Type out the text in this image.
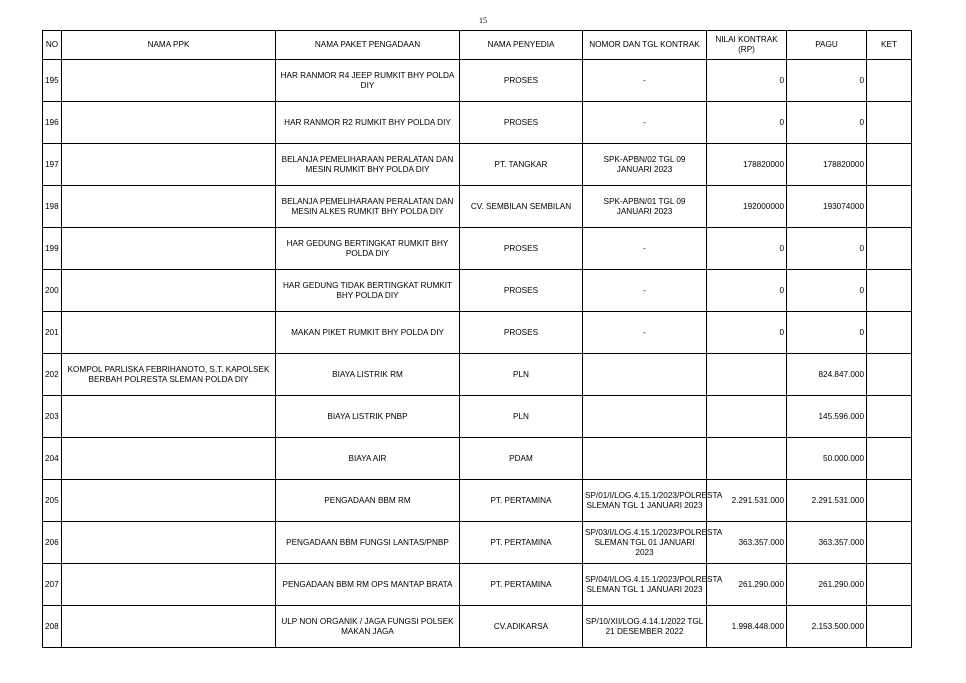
15
NO	NAMA PPK	NAMA PAKET PENGADAAN	NAMA PENYEDIA	NOMOR DAN TGL KONTRAK	NILAI KONTRAK (RP)	PAGU	KET
195		HAR RANMOR R4 JEEP RUMKIT BHY POLDA DIY	PROSES	-	0	0	
196		HAR RANMOR R2 RUMKIT BHY POLDA DIY	PROSES	-	0	0	
197		BELANJA PEMELIHARAAN PERALATAN DAN MESIN RUMKIT BHY POLDA DIY	PT. TANGKAR	SPK-APBN/02 TGL 09 JANUARI 2023	178820000	178820000	
198		BELANJA PEMELIHARAAN PERALATAN DAN MESIN ALKES RUMKIT BHY POLDA DIY	CV. SEMBILAN SEMBILAN	SPK-APBN/01 TGL 09 JANUARI 2023	192000000	193074000	
199		HAR GEDUNG BERTINGKAT RUMKIT BHY POLDA DIY	PROSES	-	0	0	
200		HAR GEDUNG TIDAK BERTINGKAT RUMKIT BHY POLDA DIY	PROSES	-	0	0	
201		MAKAN PIKET RUMKIT BHY POLDA DIY	PROSES	-	0	0	
202	KOMPOL PARLISKA FEBRIHANOTO, S.T. KAPOLSEK BERBAH POLRESTA SLEMAN POLDA DIY	BIAYA LISTRIK RM	PLN			824.847.000	
203		BIAYA LISTRIK PNBP	PLN			145.596.000	
204		BIAYA AIR	PDAM			50.000.000	
205		PENGADAAN BBM RM	PT. PERTAMINA	SP/01/I/LOG.4.15.1/2023/POLRESTA SLEMAN TGL 1 JANUARI 2023	2.291.531.000	2.291.531.000	
206		PENGADAAN BBM FUNGSI LANTAS/PNBP	PT. PERTAMINA	SP/03/I/LOG.4.15.1/2023/POLRESTA SLEMAN TGL 01 JANUARI 2023	363.357.000	363.357.000	
207		PENGADAAN BBM RM OPS MANTAP BRATA	PT. PERTAMINA	SP/04/I/LOG.4.15.1/2023/POLRESTA SLEMAN TGL 1 JANUARI 2023	261.290.000	261.290.000	
208		ULP NON ORGANIK / JAGA FUNGSI POLSEK MAKAN JAGA	CV.ADIKARSA	SP/10/XII/LOG.4.14.1/2022 TGL 21 DESEMBER 2022	1.998.448.000	2.153.500.000	
